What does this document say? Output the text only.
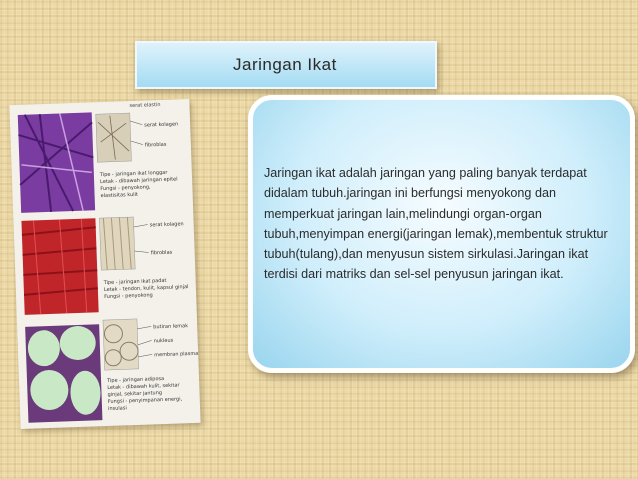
Jaringan Ikat
serat elastin
serat kolagen
fibroblas
Tipe - jaringan ikat longgar
Letak - dibawah jaringan epitel
Fungsi - penyokong,
elastisitas kulit
serat kolagen
fibroblas
Tipe - jaringan ikat padat
Letak - tendon, kulit, kapsul ginjal
Fungsi - penyokong
butiran lemak
nukleus
membran plasma
Tipe - jaringan adiposa
Letak - dibawah kulit, sekitar
ginjal, sekitar jantung
Fungsi - penyimpanan energi,
insulasi

Jaringan ikat adalah jaringan yang paling banyak terdapat didalam tubuh.jaringan ini berfungsi menyokong dan memperkuat jaringan lain,melindungi organ-organ tubuh,menyimpan energi(jaringan lemak),membentuk struktur tubuh(tulang),dan menyusun sistem sirkulasi.Jaringan ikat terdisi dari matriks dan sel-sel penyusun jaringan ikat.
